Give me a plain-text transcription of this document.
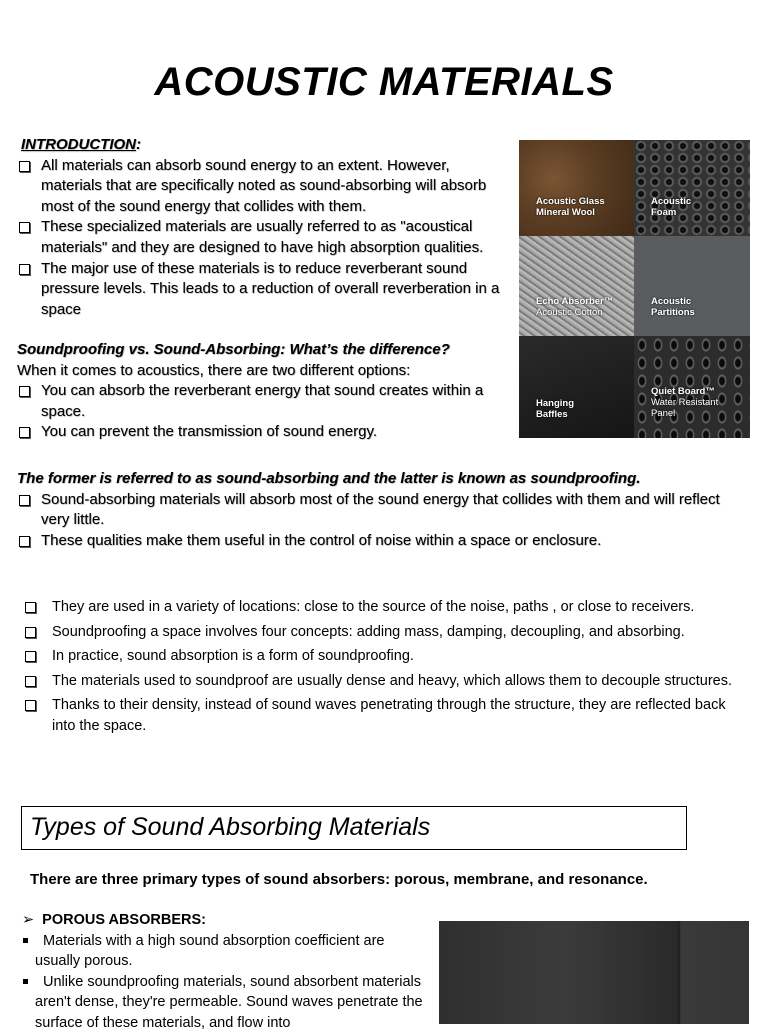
ACOUSTIC MATERIALS
INTRODUCTION:
All materials can absorb sound energy to an extent. However, materials that are specifically noted as sound-absorbing will absorb most of the sound energy that collides with them.
These specialized materials are usually referred to as "acoustical materials" and they are designed to have high absorption qualities.
The major use of these materials is to reduce reverberant sound pressure levels. This leads to a reduction of overall reverberation in a space
Acoustic Glass
Mineral Wool
Acoustic
Foam
Echo Absorber™
Acoustic Cotton
Acoustic
Partitions
Hanging
Baffles
Quiet Board™
Water Resistant
Panel
Soundproofing vs. Sound-Absorbing: What’s the difference?
When it comes to acoustics, there are two different options:
You can absorb the reverberant energy that sound creates within a space.
You can prevent the transmission of sound energy.
The former is referred to as sound-absorbing and the latter is known as soundproofing.
Sound-absorbing materials will absorb most of the sound energy that collides with them and will reflect very little.
These qualities make them useful in the control of noise within a space or enclosure.
They are used in a variety of locations: close to the source of the noise, paths , or close to receivers.
Soundproofing a space involves four concepts: adding mass, damping, decoupling, and absorbing.
In practice, sound absorption is a form of soundproofing.
The materials used to soundproof are usually dense and heavy, which allows them to decouple structures.
Thanks to their density, instead of sound waves penetrating through the structure, they are reflected back into the space.
Types of Sound Absorbing Materials
There are three primary types of sound absorbers: porous, membrane, and resonance.
➢ POROUS ABSORBERS:
Materials with a high sound absorption coefficient are usually porous.
Unlike soundproofing materials, sound absorbent materials aren't dense, they're permeable. Sound waves penetrate the surface of these materials, and flow into
